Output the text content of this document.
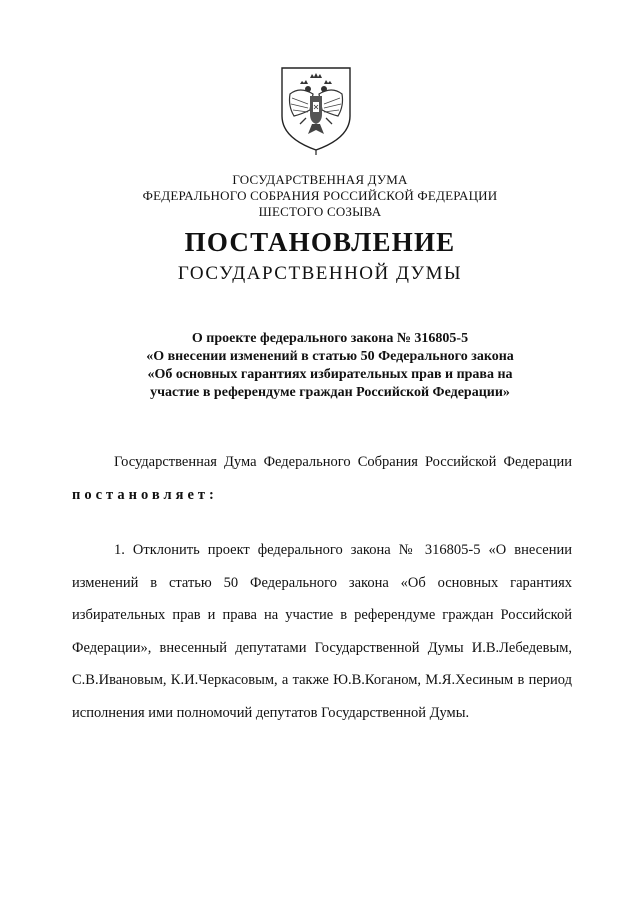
ГОСУДАРСТВЕННАЯ ДУМА
ФЕДЕРАЛЬНОГО СОБРАНИЯ РОССИЙСКОЙ ФЕДЕРАЦИИ
ШЕСТОГО СОЗЫВА
ПОСТАНОВЛЕНИЕ
ГОСУДАРСТВЕННОЙ ДУМЫ
О проекте федерального закона № 316805-5
«О внесении изменений в статью 50 Федерального закона
«Об основных гарантиях избирательных прав и права на
участие в референдуме граждан Российской Федерации»

Государственная Дума Федерального Собрания Российской Федерации

постановляет:

1. Отклонить проект федерального закона № 316805-5 «О внесении изменений в статью 50 Федерального закона «Об основных гарантиях избирательных прав и права на участие в референдуме граждан Российской Федерации», внесенный депутатами Государственной Думы И.В.Лебедевым, С.В.Ивановым, К.И.Черкасовым, а также Ю.В.Коганом, М.Я.Хесиным в период исполнения ими полномочий депутатов Государственной Думы.
